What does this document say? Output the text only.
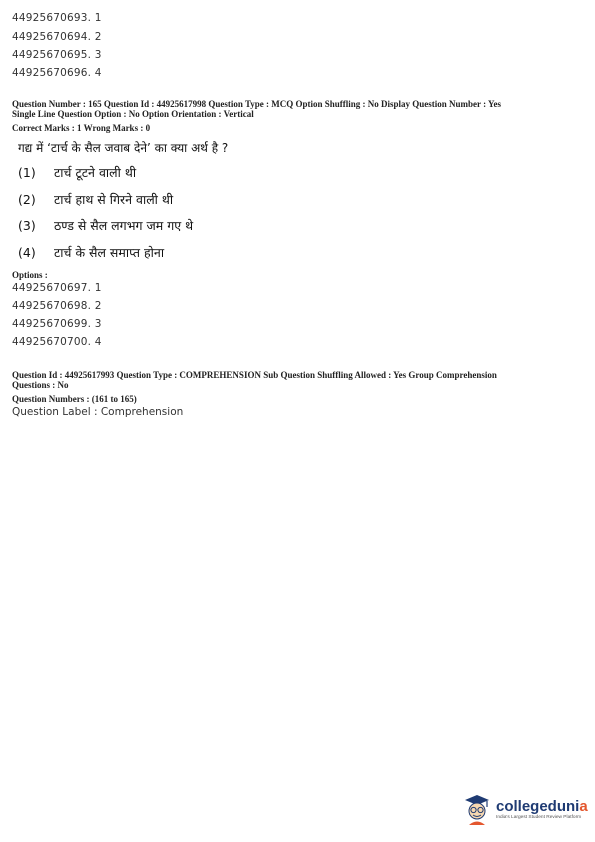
44925670693. 1
44925670694. 2
44925670695. 3
44925670696. 4
Question Number : 165 Question Id : 44925617998 Question Type : MCQ Option Shuffling : No Display Question Number : Yes
Single Line Question Option : No Option Orientation : Vertical
Correct Marks : 1 Wrong Marks : 0
गद्य में ‘टार्च के सैल जवाब देने’ का क्या अर्थ है ?
(1)	टार्च टूटने वाली थी
(2)	टार्च हाथ से गिरने वाली थी
(3)	ठण्ड से सैल लगभग जम गए थे
(4)	टार्च के सैल समाप्त होना
Options :
44925670697. 1
44925670698. 2
44925670699. 3
44925670700. 4
Question Id : 44925617993 Question Type : COMPREHENSION Sub Question Shuffling Allowed : Yes Group Comprehension
Questions : No
Question Numbers : (161 to 165)
Question Label : Comprehension
collegedunia
India's Largest Student Review Platform
